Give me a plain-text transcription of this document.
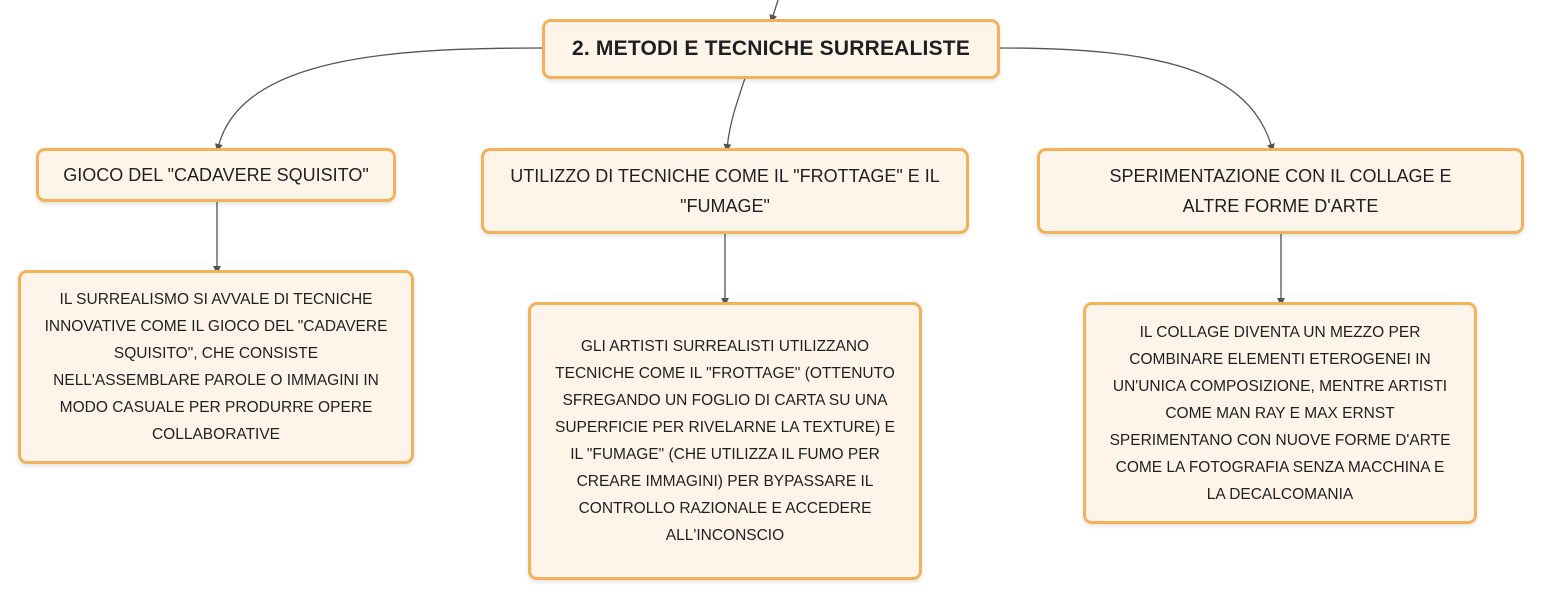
2. METODI E TECNICHE SURREALISTE
GIOCO DEL "CADAVERE SQUISITO"	UTILIZZO DI TECNICHE COME IL "FROTTAGE" E IL "FUMAGE"
SPERIMENTAZIONE CON IL COLLAGE E ALTRE FORME D'ARTE
IL SURREALISMO SI AVVALE DI TECNICHE INNOVATIVE COME IL GIOCO DEL "CADAVERE SQUISITO", CHE CONSISTE NELL'ASSEMBLARE PAROLE O IMMAGINI IN MODO CASUALE PER PRODURRE OPERE COLLABORATIVE
GLI ARTISTI SURREALISTI UTILIZZANO TECNICHE COME IL "FROTTAGE" (OTTENUTO SFREGANDO UN FOGLIO DI CARTA SU UNA SUPERFICIE PER RIVELARNE LA TEXTURE) E IL "FUMAGE" (CHE UTILIZZA IL FUMO PER CREARE IMMAGINI) PER BYPASSARE IL CONTROLLO RAZIONALE E ACCEDERE ALL'INCONSCIO
IL COLLAGE DIVENTA UN MEZZO PER COMBINARE ELEMENTI ETEROGENEI IN UN'UNICA COMPOSIZIONE, MENTRE ARTISTI COME MAN RAY E MAX ERNST SPERIMENTANO CON NUOVE FORME D'ARTE COME LA FOTOGRAFIA SENZA MACCHINA E LA DECALCOMANIA
